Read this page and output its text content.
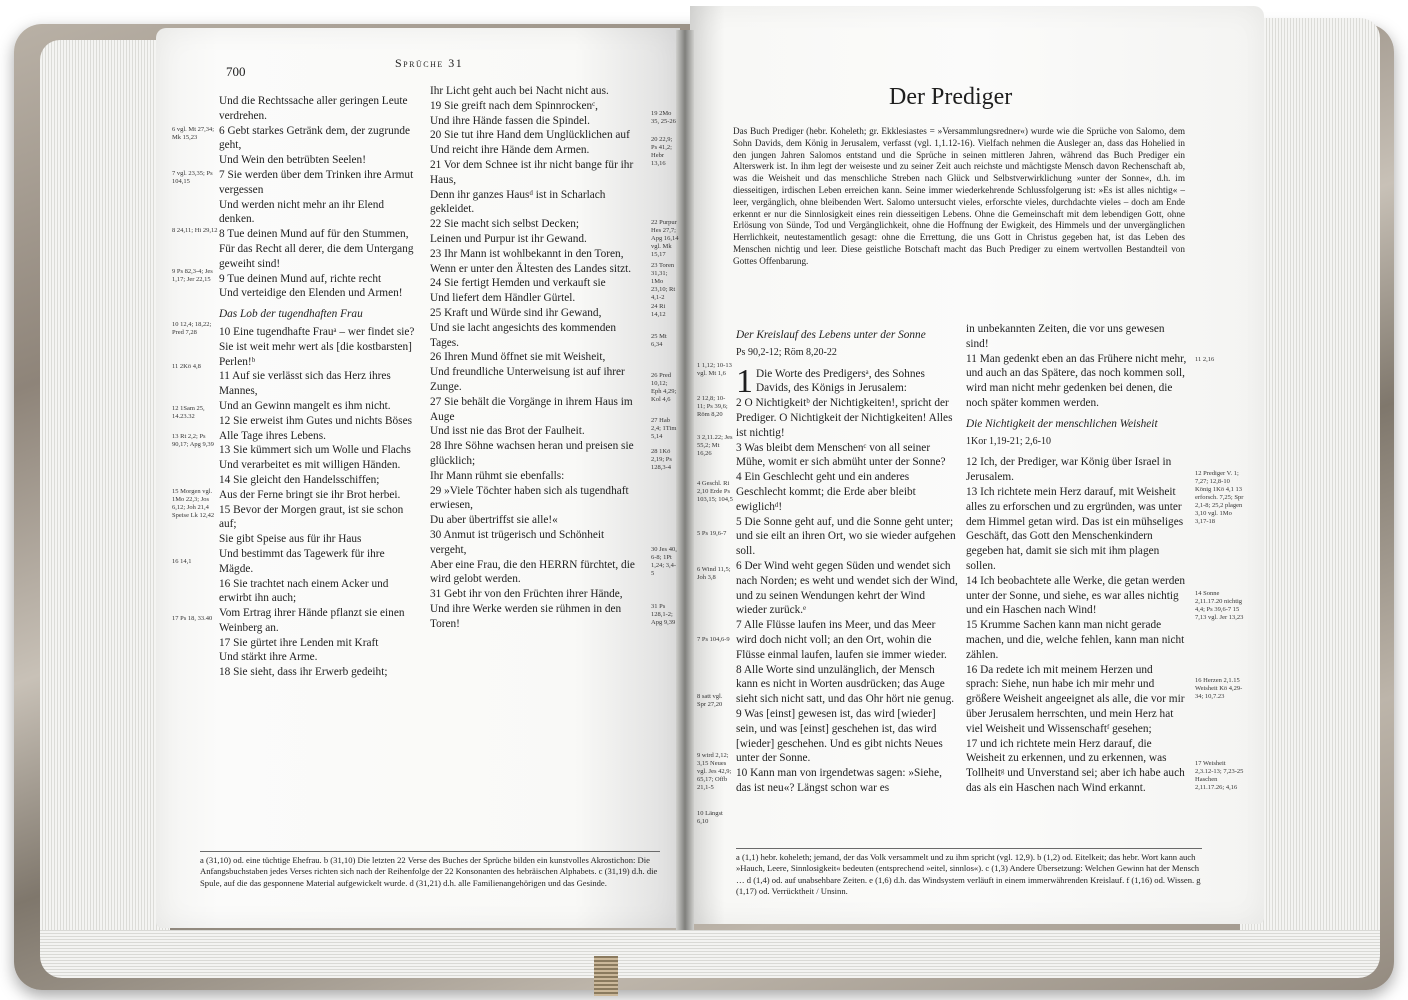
700
Sprüche 31
6 vgl. Mt 27,34; Mk 15,23
7 vgl. 23,35; Ps 104,15
8 24,11; Hi 29,12
9 Ps 82,3-4; Jes 1,17; Jer 22,15
10 12,4; 18,22; Pred 7,28
11 2Kö 4,8
12 1Sam 25, 14.23.32
13 Rt 2,2; Ps 90,17; Apg 9,39
15 Morgen vgl. 1Mo 22,3; Jos 6,12; Joh 21,4 Speise Lk 12,42
16 14,1
17 Ps 18, 33.40
Und die Rechtssache aller geringen Leute verdrehen.
6 Gebt starkes Getränk dem, der zugrunde geht,
Und Wein den betrübten Seelen!
7 Sie werden über dem Trinken ihre Armut vergessen
Und werden nicht mehr an ihr Elend denken.
8 Tue deinen Mund auf für den Stummen,
Für das Recht all derer, die dem Untergang geweiht sind!
9 Tue deinen Mund auf, richte recht
Und verteidige den Elenden und Armen!
Das Lob der tugendhaften Frau
10 Eine tugendhafte Frauᵃ – wer findet sie?
Sie ist weit mehr wert als [die kostbarsten] Perlen!ᵇ
11 Auf sie verlässt sich das Herz ihres Mannes,
Und an Gewinn mangelt es ihm nicht.
12 Sie erweist ihm Gutes und nichts Böses
Alle Tage ihres Lebens.
13 Sie kümmert sich um Wolle und Flachs
Und verarbeitet es mit willigen Händen.
14 Sie gleicht den Handelsschiffen;
Aus der Ferne bringt sie ihr Brot herbei.
15 Bevor der Morgen graut, ist sie schon auf;
Sie gibt Speise aus für ihr Haus
Und bestimmt das Tagewerk für ihre Mägde.
16 Sie trachtet nach einem Acker und erwirbt ihn auch;
Vom Ertrag ihrer Hände pflanzt sie einen Weinberg an.
17 Sie gürtet ihre Lenden mit Kraft
Und stärkt ihre Arme.
18 Sie sieht, dass ihr Erwerb gedeiht;
Ihr Licht geht auch bei Nacht nicht aus.
19 Sie greift nach dem Spinnrockenᶜ,
Und ihre Hände fassen die Spindel.
20 Sie tut ihre Hand dem Unglücklichen auf
Und reicht ihre Hände dem Armen.
21 Vor dem Schnee ist ihr nicht bange für ihr Haus,
Denn ihr ganzes Hausᵈ ist in Scharlach gekleidet.
22 Sie macht sich selbst Decken;
Leinen und Purpur ist ihr Gewand.
23 Ihr Mann ist wohlbekannt in den Toren,
Wenn er unter den Ältesten des Landes sitzt.
24 Sie fertigt Hemden und verkauft sie
Und liefert dem Händler Gürtel.
25 Kraft und Würde sind ihr Gewand,
Und sie lacht angesichts des kommenden Tages.
26 Ihren Mund öffnet sie mit Weisheit,
Und freundliche Unterweisung ist auf ihrer Zunge.
27 Sie behält die Vorgänge in ihrem Haus im Auge
Und isst nie das Brot der Faulheit.
28 Ihre Söhne wachsen heran und preisen sie glücklich;
Ihr Mann rühmt sie ebenfalls:
29 »Viele Töchter haben sich als tugendhaft erwiesen,
Du aber übertriffst sie alle!«
30 Anmut ist trügerisch und Schönheit vergeht,
Aber eine Frau, die den HERRN fürchtet, die wird gelobt werden.
31 Gebt ihr von den Früchten ihrer Hände,
Und ihre Werke werden sie rühmen in den Toren!
19 2Mo 35, 25-26
20 22,9; Ps 41,2; Hebr 13,16
22 Purpur Hes 27,7; Apg 16,14 vgl. Mk 15,17
23 Toren 31,31; 1Mo 23,10; Rt 4,1-2
24 Ri 14,12
25 Mt 6,34
26 Pred 10,12; Eph 4,29; Kol 4,6
27 Hab 2,4; 1Tim 5,14
28 1Kö 2,19; Ps 128,3-4
30 Jes 40, 6-8; 1Pt 1,24; 3,4-5
31 Ps 128,1-2; Apg 9,39
a (31,10) od. eine tüchtige Ehefrau. b (31,10) Die letzten 22 Verse des Buches der Sprüche bilden ein kunstvolles Akrostichon: Die Anfangsbuchstaben jedes Verses richten sich nach der Reihenfolge der 22 Konsonanten des hebräischen Alphabets. c (31,19) d.h. die Spule, auf die das gesponnene Material aufgewickelt wurde. d (31,21) d.h. alle Familienangehörigen und das Gesinde.
Der Prediger
Das Buch Prediger (hebr. Koheleth; gr. Ekklesiastes = »Versammlungsredner«) wurde wie die Sprüche von Salomo, dem Sohn Davids, dem König in Jerusalem, verfasst (vgl. 1,1.12-16). Vielfach nehmen die Ausleger an, dass das Hohelied in den jungen Jahren Salomos entstand und die Sprüche in seinen mittleren Jahren, während das Buch Prediger ein Alterswerk ist. In ihm legt der weiseste und zu seiner Zeit auch reichste und mächtigste Mensch davon Rechenschaft ab, was die Weisheit und das menschliche Streben nach Glück und Selbstverwirklichung »unter der Sonne«, d.h. im diesseitigen, irdischen Leben erreichen kann. Seine immer wiederkehrende Schlussfolgerung ist: »Es ist alles nichtig« – leer, vergänglich, ohne bleibenden Wert. Salomo untersucht vieles, erforschte vieles, durchdachte vieles – doch am Ende erkennt er nur die Sinnlosigkeit eines rein diesseitigen Lebens. Ohne die Gemeinschaft mit dem lebendigen Gott, ohne Erlösung von Sünde, Tod und Vergänglichkeit, ohne die Hoffnung der Ewigkeit, des Himmels und der unvergänglichen Herrlichkeit, neutestamentlich gesagt: ohne die Errettung, die uns Gott in Christus gegeben hat, ist das Leben des Menschen nichtig und leer. Diese geistliche Botschaft macht das Buch Prediger zu einem wertvollen Bestandteil von Gottes Offenbarung.
1 1,12; 10-13 vgl. Mt 1,6
2 12,8; 10-11; Ps 39,6; Röm 8,20
3 2,11.22; Jes 55,2; Mt 16,26
4 Geschl. Ri 2,10 Erde Ps 103,15; 104,5
5 Ps 19,6-7
6 Wind 11,5; Joh 3,8
7 Ps 104,6-9
8 satt vgl. Spr 27,20
9 wird 2,12; 3,15 Neues vgl. Jes 42,9; 65,17; Offb 21,1-5
10 Längst 6,10
Der Kreislauf des Lebens unter der Sonne
Ps 90,2-12; Röm 8,20-22
1 Die Worte des Predigersᵃ, des Sohnes Davids, des Königs in Jerusalem:
2 O Nichtigkeitᵇ der Nichtigkeiten!, spricht der Prediger. O Nichtigkeit der Nichtigkeiten! Alles ist nichtig!
3 Was bleibt dem Menschenᶜ von all seiner Mühe, womit er sich abmüht unter der Sonne?
4 Ein Geschlecht geht und ein anderes Geschlecht kommt; die Erde aber bleibt ewiglichᵈ!
5 Die Sonne geht auf, und die Sonne geht unter; und sie eilt an ihren Ort, wo sie wieder aufgehen soll.
6 Der Wind weht gegen Süden und wendet sich nach Norden; es weht und wendet sich der Wind, und zu seinen Wendungen kehrt der Wind wieder zurück.ᵉ
7 Alle Flüsse laufen ins Meer, und das Meer wird doch nicht voll; an den Ort, wohin die Flüsse einmal laufen, laufen sie immer wieder.
8 Alle Worte sind unzulänglich, der Mensch kann es nicht in Worten ausdrücken; das Auge sieht sich nicht satt, und das Ohr hört nie genug.
9 Was [einst] gewesen ist, das wird [wieder] sein, und was [einst] geschehen ist, das wird [wieder] geschehen. Und es gibt nichts Neues unter der Sonne.
10 Kann man von irgendetwas sagen: »Siehe, das ist neu«? Längst schon war es
in unbekannten Zeiten, die vor uns gewesen sind!
11 Man gedenkt eben an das Frühere nicht mehr, und auch an das Spätere, das noch kommen soll, wird man nicht mehr gedenken bei denen, die noch später kommen werden.
Die Nichtigkeit der menschlichen Weisheit
1Kor 1,19-21; 2,6-10
12 Ich, der Prediger, war König über Israel in Jerusalem.
13 Ich richtete mein Herz darauf, mit Weisheit alles zu erforschen und zu ergründen, was unter dem Himmel getan wird. Das ist ein mühseliges Geschäft, das Gott den Menschenkindern gegeben hat, damit sie sich mit ihm plagen sollen.
14 Ich beobachtete alle Werke, die getan werden unter der Sonne, und siehe, es war alles nichtig und ein Haschen nach Wind!
15 Krumme Sachen kann man nicht gerade machen, und die, welche fehlen, kann man nicht zählen.
16 Da redete ich mit meinem Herzen und sprach: Siehe, nun habe ich mir mehr und größere Weisheit angeeignet als alle, die vor mir über Jerusalem herrschten, und mein Herz hat viel Weisheit und Wissenschaftᶠ gesehen;
17 und ich richtete mein Herz darauf, die Weisheit zu erkennen, und zu erkennen, was Tollheitᵍ und Unverstand sei; aber ich habe auch das als ein Haschen nach Wind erkannt.
11 2,16
12 Prediger V. 1; 7,27; 12,8-10 König 1Kö 4,1 13 erforsch. 7,25; Spr 2,1-8; 25,2 plagen 3,10 vgl. 1Mo 3,17-18
14 Sonne 2,11.17.20 nichtig 4,4; Ps 39,6-7 15 7,13 vgl. Jer 13,23
16 Herzen 2,1.15 Weisheit Kö 4,29-34; 10,7.23
17 Weisheit 2,3.12-13; 7,23-25 Haschen 2,11.17.26; 4,16
a (1,1) hebr. koheleth; jemand, der das Volk versammelt und zu ihm spricht (vgl. 12,9). b (1,2) od. Eitelkeit; das hebr. Wort kann auch »Hauch, Leere, Sinnlosigkeit« bedeuten (entsprechend »eitel, sinnlos«). c (1,3) Andere Übersetzung: Welchen Gewinn hat der Mensch … d (1,4) od. auf unabsehbare Zeiten. e (1,6) d.h. das Windsystem verläuft in einem immerwährenden Kreislauf. f (1,16) od. Wissen. g (1,17) od. Verrücktheit / Unsinn.
